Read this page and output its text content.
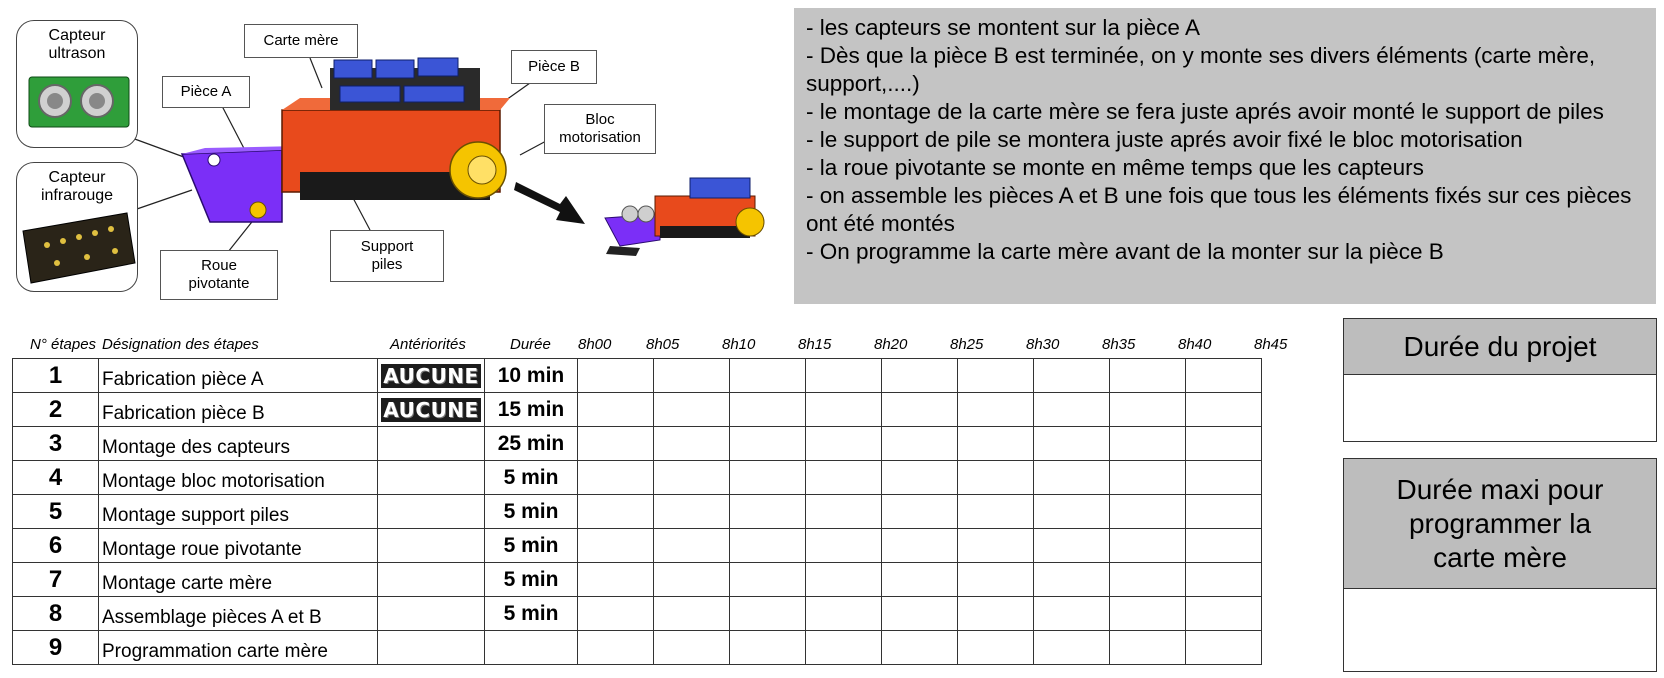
Capteur
ultrason
Capteur
infrarouge
Carte mère
Pièce B
Pièce A
Bloc
motorisation
Support
piles
Roue
pivotante

- les capteurs se montent sur la pièce A

- Dès que la pièce B est terminée, on y monte ses divers éléments (carte mère, support,....)

- le montage de la carte mère se fera juste aprés avoir monté le support de piles

- le support de pile se montera juste aprés avoir fixé le bloc motorisation

- la roue pivotante se monte en même temps que les capteurs

- on assemble les pièces A et B une fois que tous les éléments fixés sur ces pièces ont été montés

- On programme la carte mère avant de la monter sur la pièce B

N° étapes Désignation des étapes	Antériorités	Durée 8h00 8h05	8h10	8h15	8h20	8h25	8h30	8h35	8h40	8h45
1	Fabrication pièce A	AUCUNE	10 min									
2	Fabrication pièce B	AUCUNE	15 min									
3	Montage des capteurs		25 min									
4	Montage bloc motorisation		5 min									
5	Montage support piles		5 min									
6	Montage roue pivotante		5 min									
7	Montage carte mère		5 min									
8	Assemblage pièces A et B		5 min									
9	Programmation carte mère											
Durée du projet
Durée maxi pour
programmer la
carte mère
